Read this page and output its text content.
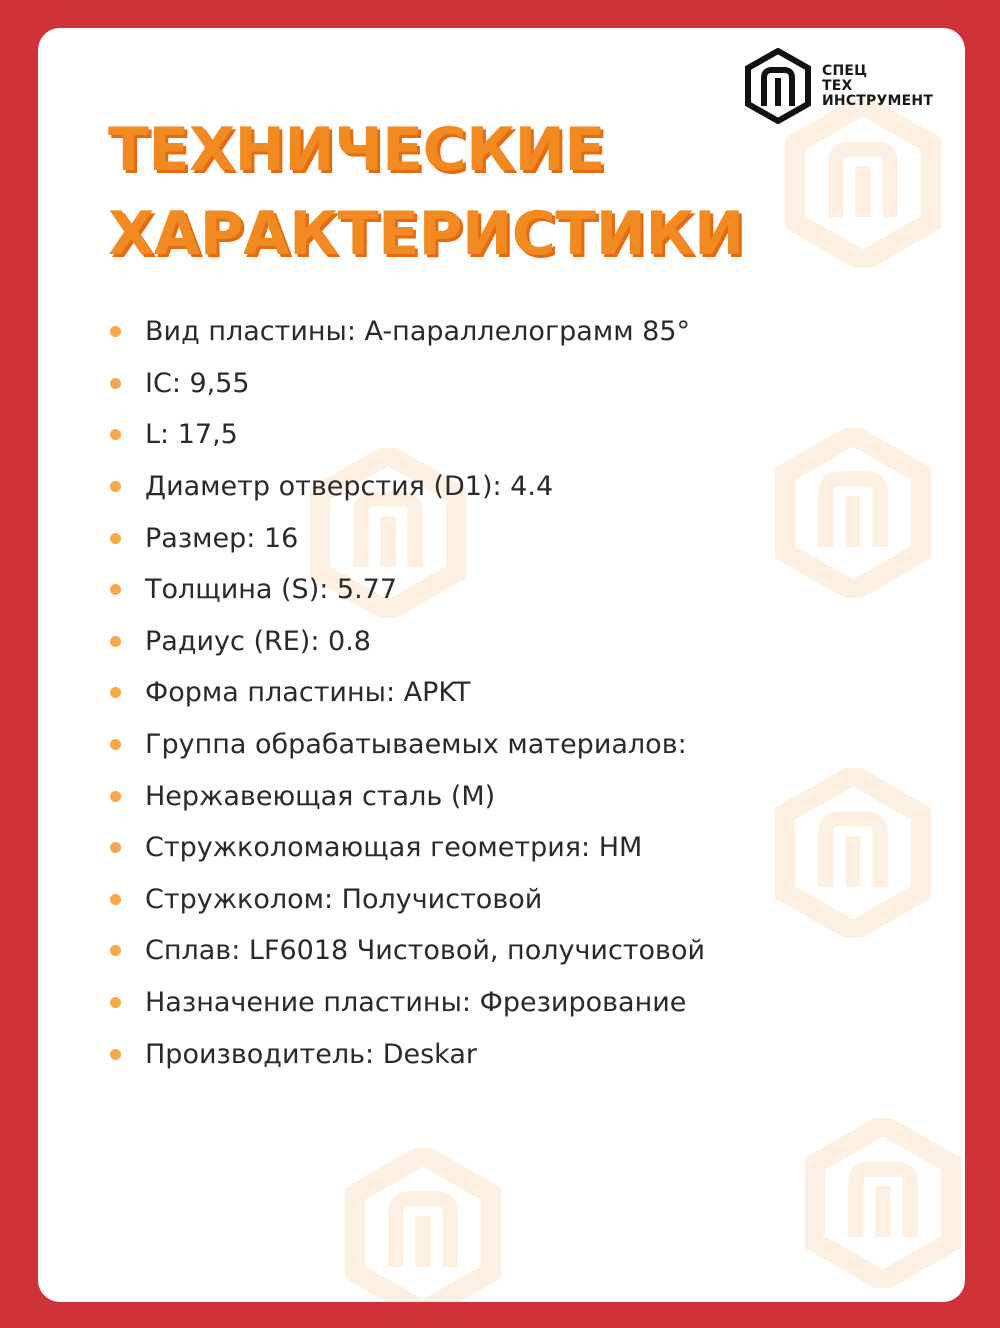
СПЕЦ
ТЕХ
ИНСТРУМЕНТ
ТЕХНИЧЕСКИЕ
ХАРАКТЕРИСТИКИ
Вид пластины: A-параллелограмм 85°
IC: 9,55
L: 17,5
Диаметр отверстия (D1): 4.4
Размер: 16
Толщина (S): 5.77
Радиус (RE): 0.8
Форма пластины: APKT
Группа обрабатываемых материалов:
Нержавеющая сталь (M)
Стружколомающая геометрия: HM
Стружколом: Получистовой
Сплав: LF6018 Чистовой, получистовой
Назначение пластины: Фрезирование
Производитель: Deskar
